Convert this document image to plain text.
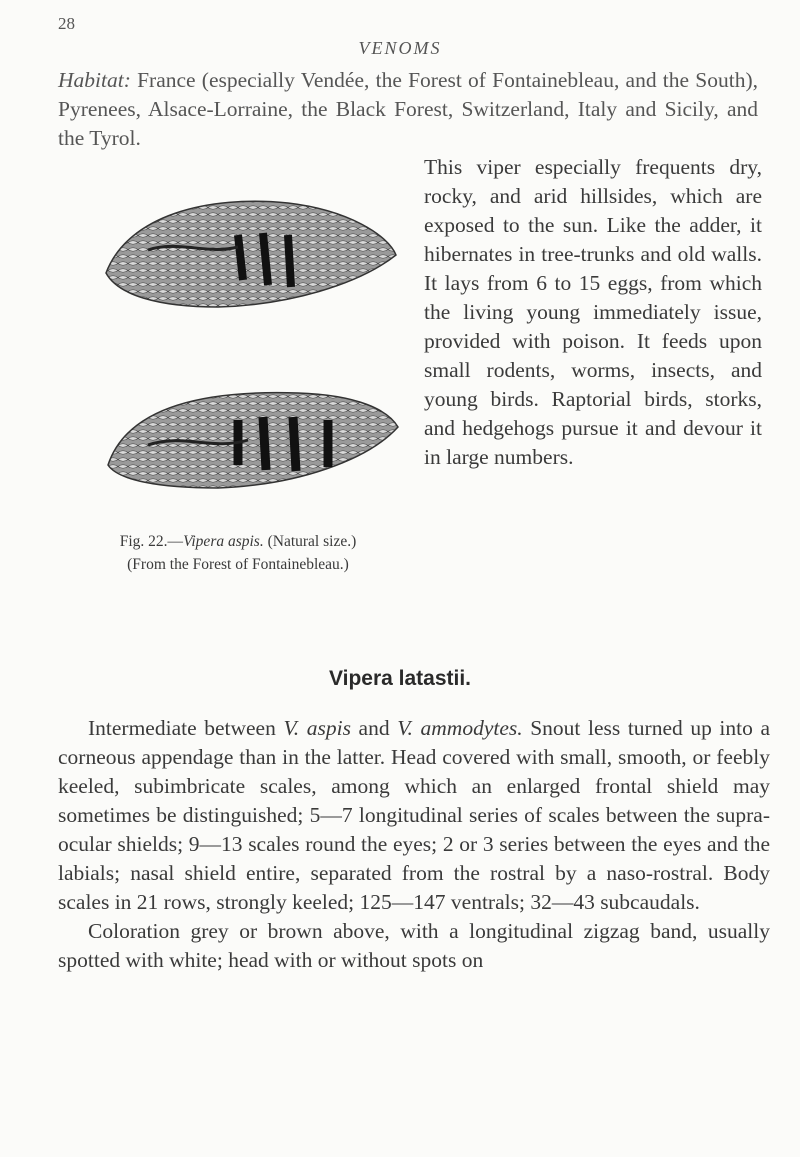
28
VENOMS

Habitat: France (especially Vendée, the Forest of Fontainebleau, and the South), Pyrenees, Alsace-Lorraine, the Black Forest, Switzerland, Italy and Sicily, and the Tyrol.

Fig. 22.—Vipera aspis. (Natural size.)
(From the Forest of Fontainebleau.)

This viper especially frequents dry, rocky, and arid hillsides, which are exposed to the sun. Like the adder, it hibernates in tree-trunks and old walls. It lays from 6 to 15 eggs, from which the living young immediately issue, provided with poison. It feeds upon small rodents, worms, insects, and young birds. Raptorial birds, storks, and hedgehogs pursue it and devour it in large numbers.

Vipera latastii.

Intermediate between V. aspis and V. ammodytes. Snout less turned up into a corneous appendage than in the latter. Head covered with small, smooth, or feebly keeled, subimbricate scales, among which an enlarged frontal shield may sometimes be distinguished; 5—7 longitudinal series of scales between the supra-ocular shields; 9—13 scales round the eyes; 2 or 3 series between the eyes and the labials; nasal shield entire, separated from the rostral by a naso-rostral. Body scales in 21 rows, strongly keeled; 125—147 ventrals; 32—43 subcaudals.

Coloration grey or brown above, with a longitudinal zigzag band, usually spotted with white; head with or without spots on
